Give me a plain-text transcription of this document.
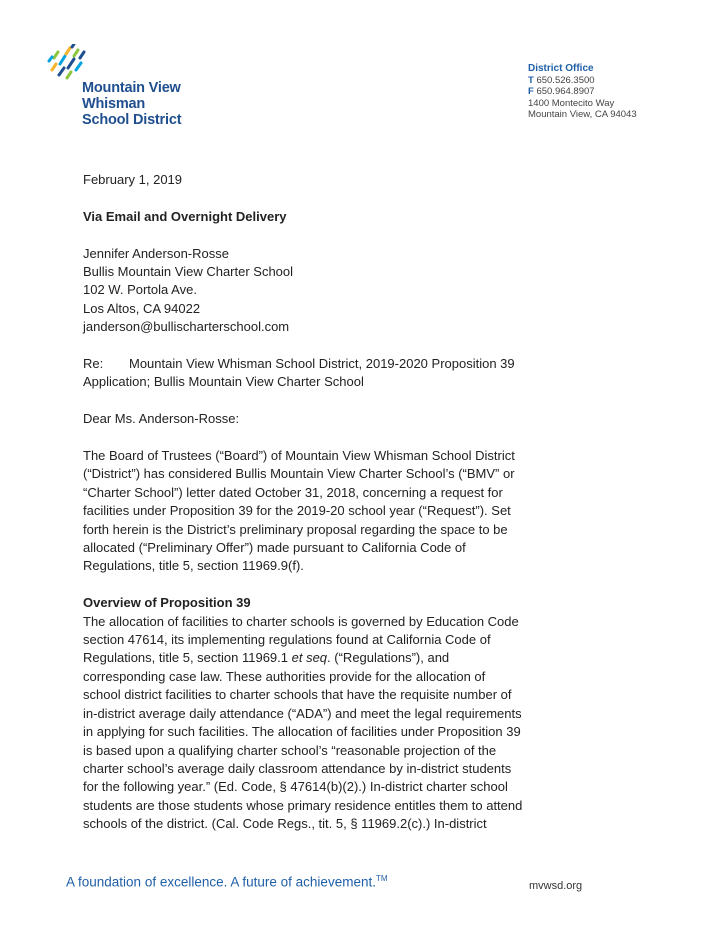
Mountain View
Whisman
School District
District Office
T 650.526.3500
F 650.964.8907
1400 Montecito Way
Mountain View, CA 94043

February 1, 2019

Via Email and Overnight Delivery

Jennifer Anderson-Rosse

Bullis Mountain View Charter School

102 W. Portola Ave.

Los Altos, CA 94022

janderson@bullischarterschool.com

Re:	Mountain View Whisman School District, 2019-2020 Proposition 39

Application; Bullis Mountain View Charter School

Dear Ms. Anderson-Rosse:

The Board of Trustees (“Board”) of Mountain View Whisman School District

(“District”) has considered Bullis Mountain View Charter School’s (“BMV” or

“Charter School”) letter dated October 31, 2018, concerning a request for

facilities under Proposition 39 for the 2019-20 school year (“Request”). Set

forth herein is the District’s preliminary proposal regarding the space to be

allocated (“Preliminary Offer”) made pursuant to California Code of

Regulations, title 5, section 11969.9(f).

Overview of Proposition 39

The allocation of facilities to charter schools is governed by Education Code

section 47614, its implementing regulations found at California Code of

Regulations, title 5, section 11969.1 et seq. (“Regulations”), and

corresponding case law. These authorities provide for the allocation of

school district facilities to charter schools that have the requisite number of

in-district average daily attendance (“ADA”) and meet the legal requirements

in applying for such facilities. The allocation of facilities under Proposition 39

is based upon a qualifying charter school’s “reasonable projection of the

charter school’s average daily classroom attendance by in-district students

for the following year.” (Ed. Code, § 47614(b)(2).) In-district charter school

students are those students whose primary residence entitles them to attend

schools of the district. (Cal. Code Regs., tit. 5, § 11969.2(c).) In-district

A foundation of excellence. A future of achievement.™
mvwsd.org
